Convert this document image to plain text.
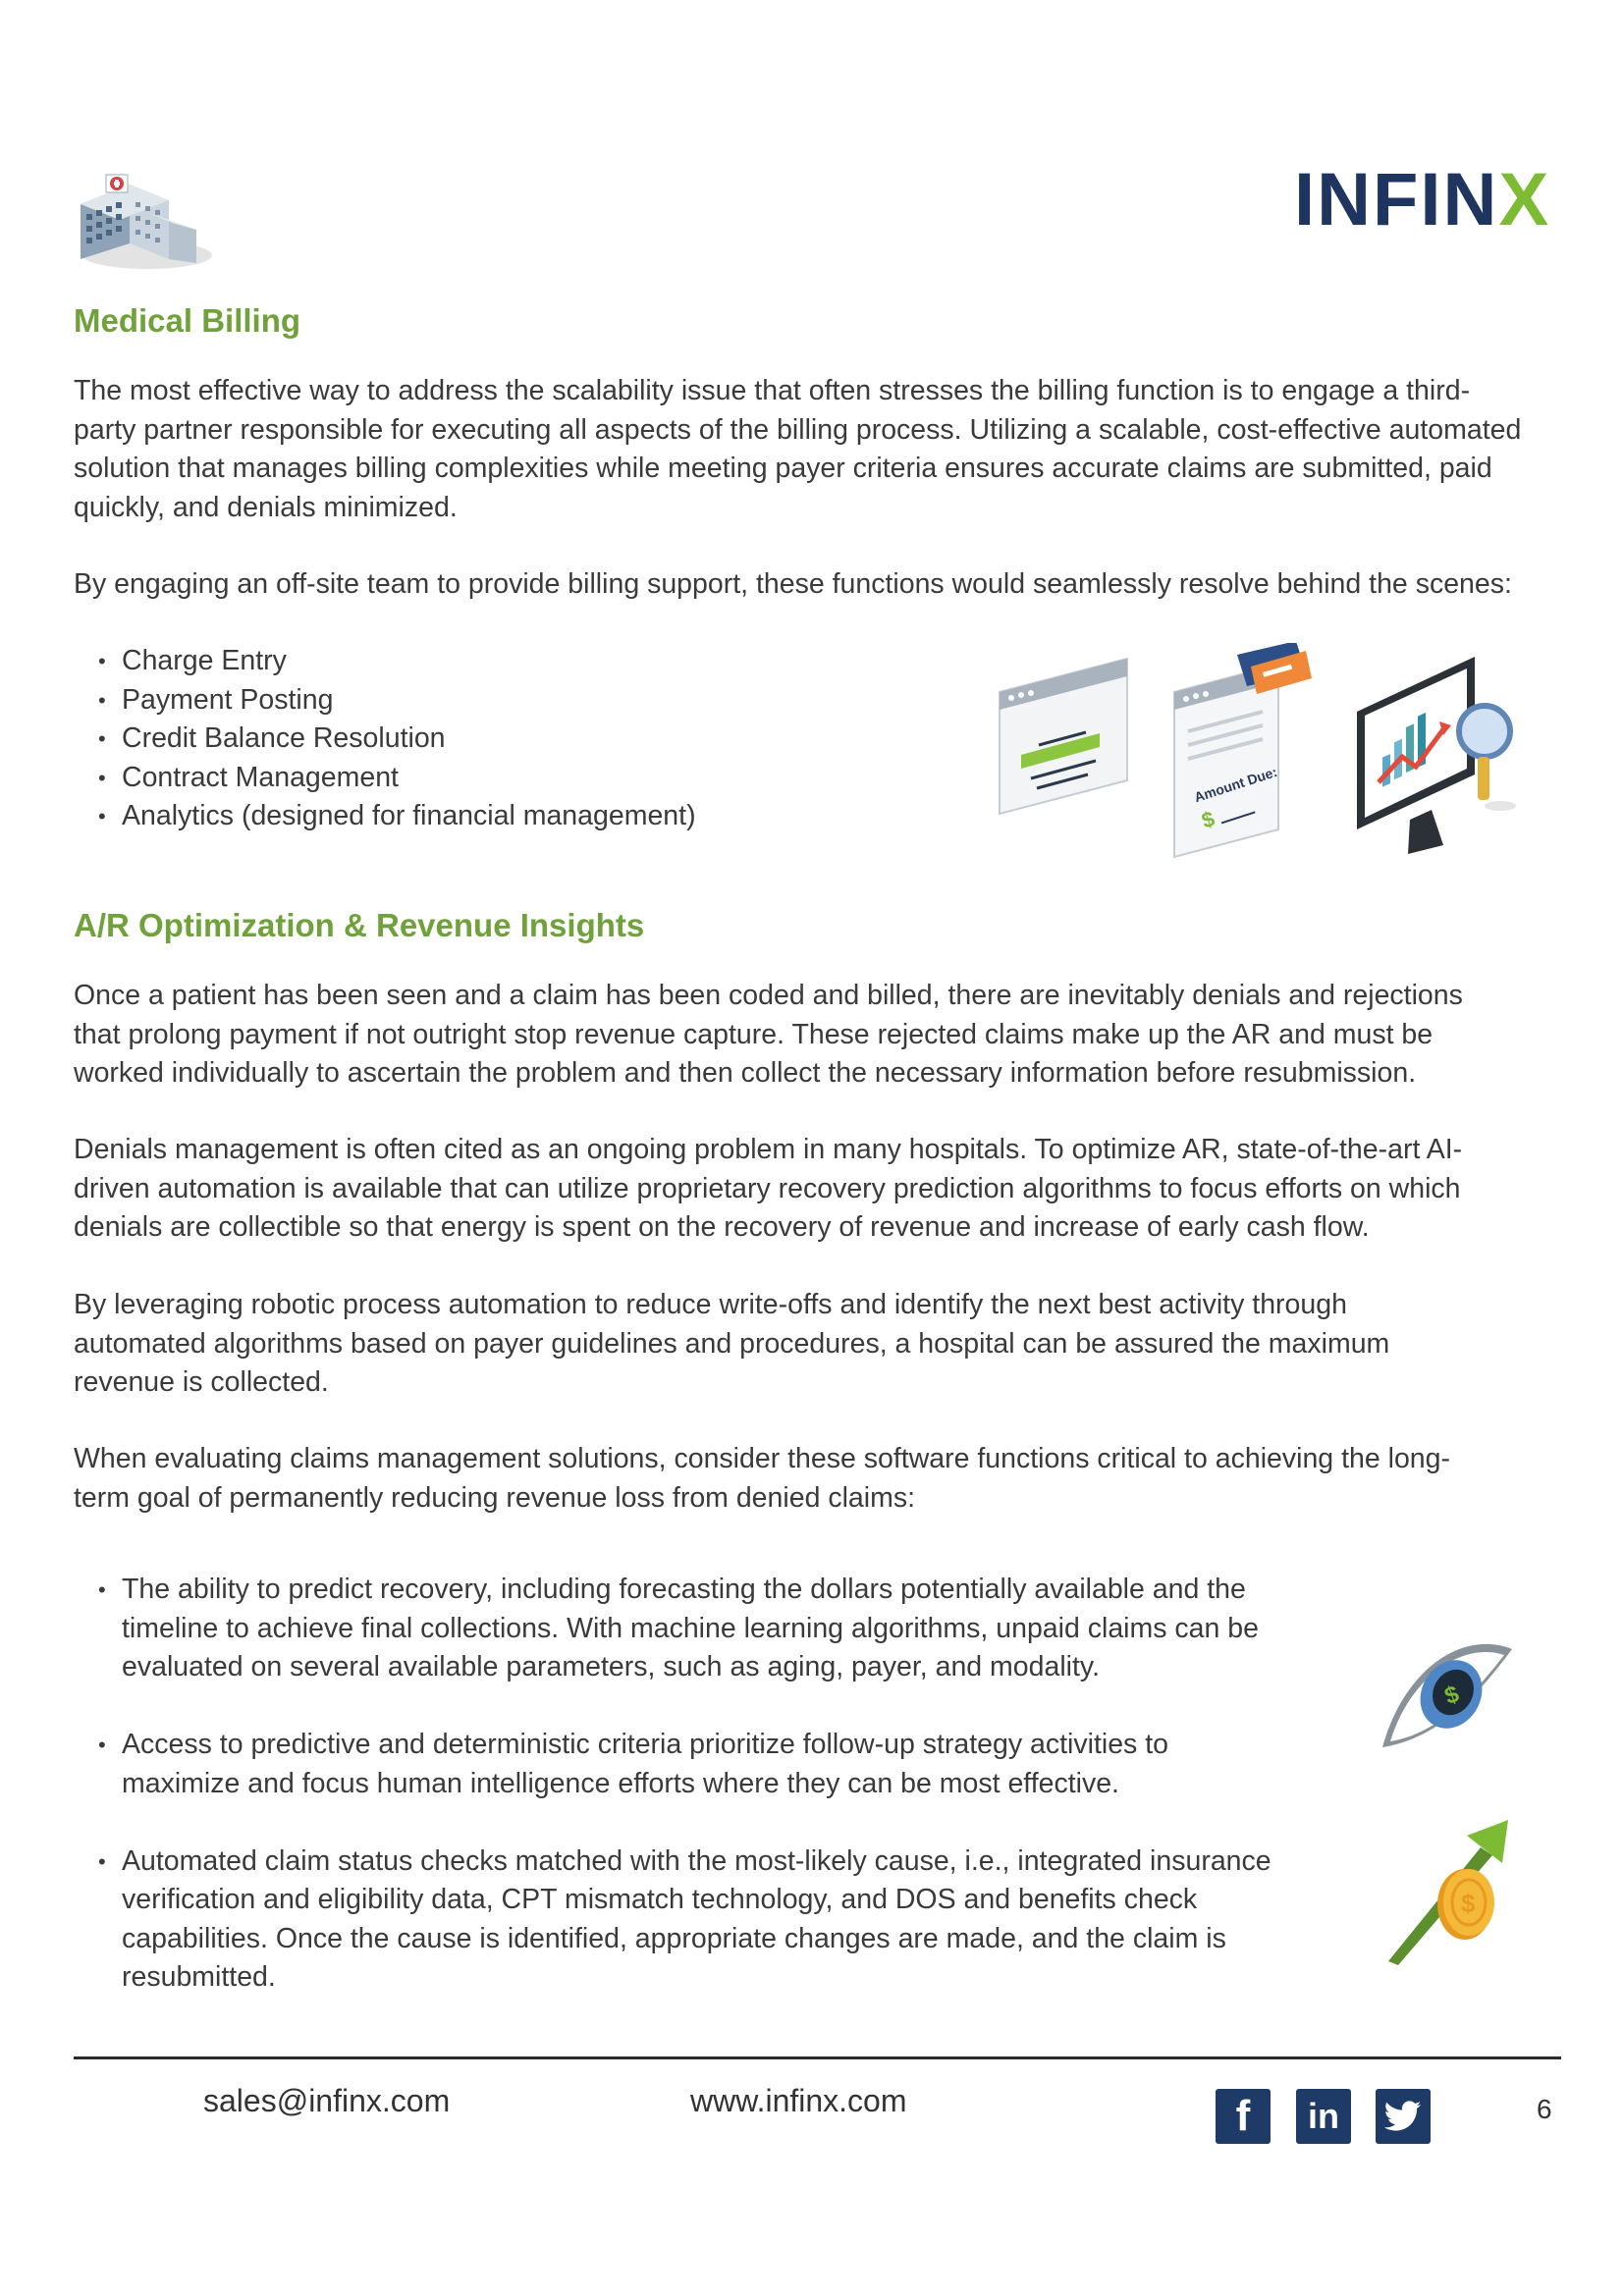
INFINX
Medical Billing
The most effective way to address the scalability issue that often stresses the billing function is to engage a third-
party partner responsible for executing all aspects of the billing process. Utilizing a scalable, cost-effective automated
solution that manages billing complexities while meeting payer criteria ensures accurate claims are submitted, paid
quickly, and denials minimized.

By engaging an off-site team to provide billing support, these functions would seamlessly resolve behind the scenes:

• Charge Entry
• Payment Posting
• Credit Balance Resolution
• Contract Management
• Analytics (designed for financial management)
Amount Due:
$
A/R Optimization & Revenue Insights
Once a patient has been seen and a claim has been coded and billed, there are inevitably denials and rejections
that prolong payment if not outright stop revenue capture. These rejected claims make up the AR and must be
worked individually to ascertain the problem and then collect the necessary information before resubmission.
Denials management is often cited as an ongoing problem in many hospitals. To optimize AR, state-of-the-art AI-
driven automation is available that can utilize proprietary recovery prediction algorithms to focus efforts on which
denials are collectible so that energy is spent on the recovery of revenue and increase of early cash flow.
By leveraging robotic process automation to reduce write-offs and identify the next best activity through
automated algorithms based on payer guidelines and procedures, a hospital can be assured the maximum
revenue is collected.
When evaluating claims management solutions, consider these software functions critical to achieving the long-
term goal of permanently reducing revenue loss from denied claims:
• The ability to predict recovery, including forecasting the dollars potentially available and the
timeline to achieve final collections. With machine learning algorithms, unpaid claims can be
evaluated on several available parameters, such as aging, payer, and modality.
• Access to predictive and deterministic criteria prioritize follow-up strategy activities to
maximize and focus human intelligence efforts where they can be most effective.
• Automated claim status checks matched with the most-likely cause, i.e., integrated insurance
verification and eligibility data, CPT mismatch technology, and DOS and benefits check
capabilities. Once the cause is identified, appropriate changes are made, and the claim is
resubmitted.
$
$
sales@infinx.com	www.infinx.com	f in	6
